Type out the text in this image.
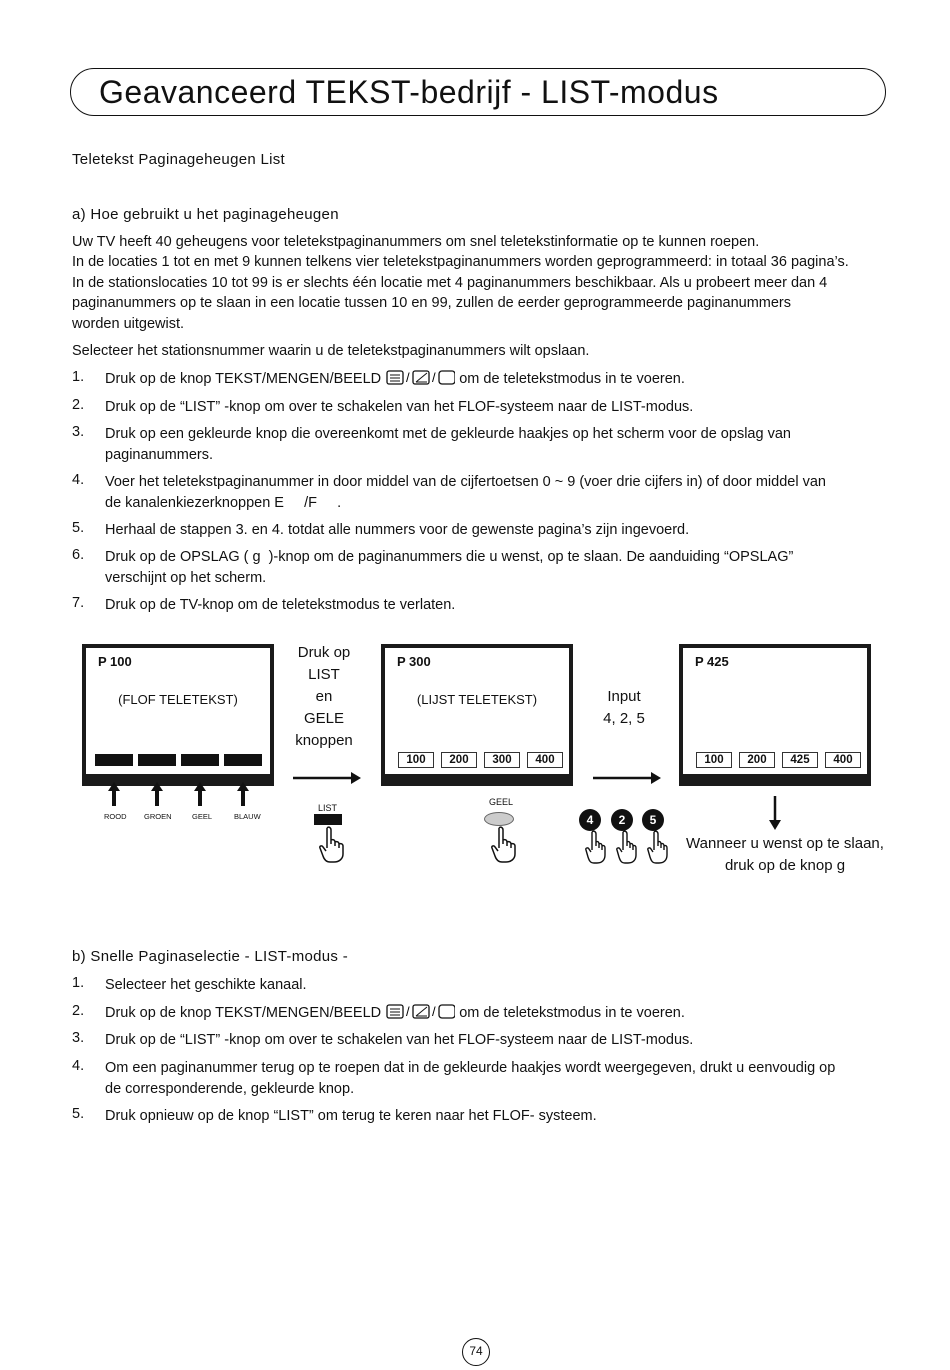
Geavanceerd TEKST-bedrijf - LIST-modus
Teletekst Paginageheugen List
a) Hoe gebruikt u het paginageheugen
Uw TV heeft 40 geheugens voor teletekstpaginanummers om snel teletekstinformatie op te kunnen roepen.
In de locaties 1 tot en met 9 kunnen telkens vier teletekstpaginanummers worden geprogrammeerd: in totaal 36 pagina’s.
In de stationslocaties 10 tot 99 is er slechts één locatie met 4 paginanummers beschikbaar. Als u probeert meer dan 4
paginanummers op te slaan in een locatie tussen 10 en 99, zullen de eerder geprogrammeerde paginanummers
worden uitgewist.
Selecteer het stationsnummer waarin u de teletekstpaginanummers wilt opslaan.
1. Druk op de knop TEKST/MENGEN/BEELD / / om de teletekstmodus in te voeren.
2. Druk op de “LIST” -knop om over te schakelen van het FLOF-systeem naar de LIST-modus.
3. Druk op een gekleurde knop die overeenkomt met de gekleurde haakjes op het scherm voor de opslag van
paginanummers.
4. Voer het teletekstpaginanummer in door middel van de cijfertoetsen 0 ~ 9 (voer drie cijfers in) of door middel van
de kanalenkiezerknoppen E     /F     .
5. Herhaal de stappen 3. en 4. totdat alle nummers voor de gewenste pagina’s zijn ingevoerd.
6. Druk op de OPSLAG ( g  )-knop om de paginanummers die u wenst, op te slaan. De aanduiding “OPSLAG”
verschijnt op het scherm.
7. Druk op de TV-knop om de teletekstmodus te verlaten.
P 100
(FLOF TELETEKST)
ROOD GROEN	GEEL	BLAUW
Druk op
LIST
en
GELE
knoppen
LIST
P 300
(LIJST TELETEKST)
100	200	300	400
GEEL
Input
4, 2, 5
4	2	5
P 425
100	200	425	400
Wanneer u wenst op te slaan,
druk op de knop g
b) Snelle Paginaselectie - LIST-modus -
1. Selecteer het geschikte kanaal.
2. Druk op de knop TEKST/MENGEN/BEELD / / om de teletekstmodus in te voeren.
3. Druk op de “LIST” -knop om over te schakelen van het FLOF-systeem naar de LIST-modus.
4. Om een paginanummer terug op te roepen dat in de gekleurde haakjes wordt weergegeven, drukt u eenvoudig op
de corresponderende, gekleurde knop.
5. Druk opnieuw op de knop “LIST” om terug te keren naar het FLOF- systeem.
74
